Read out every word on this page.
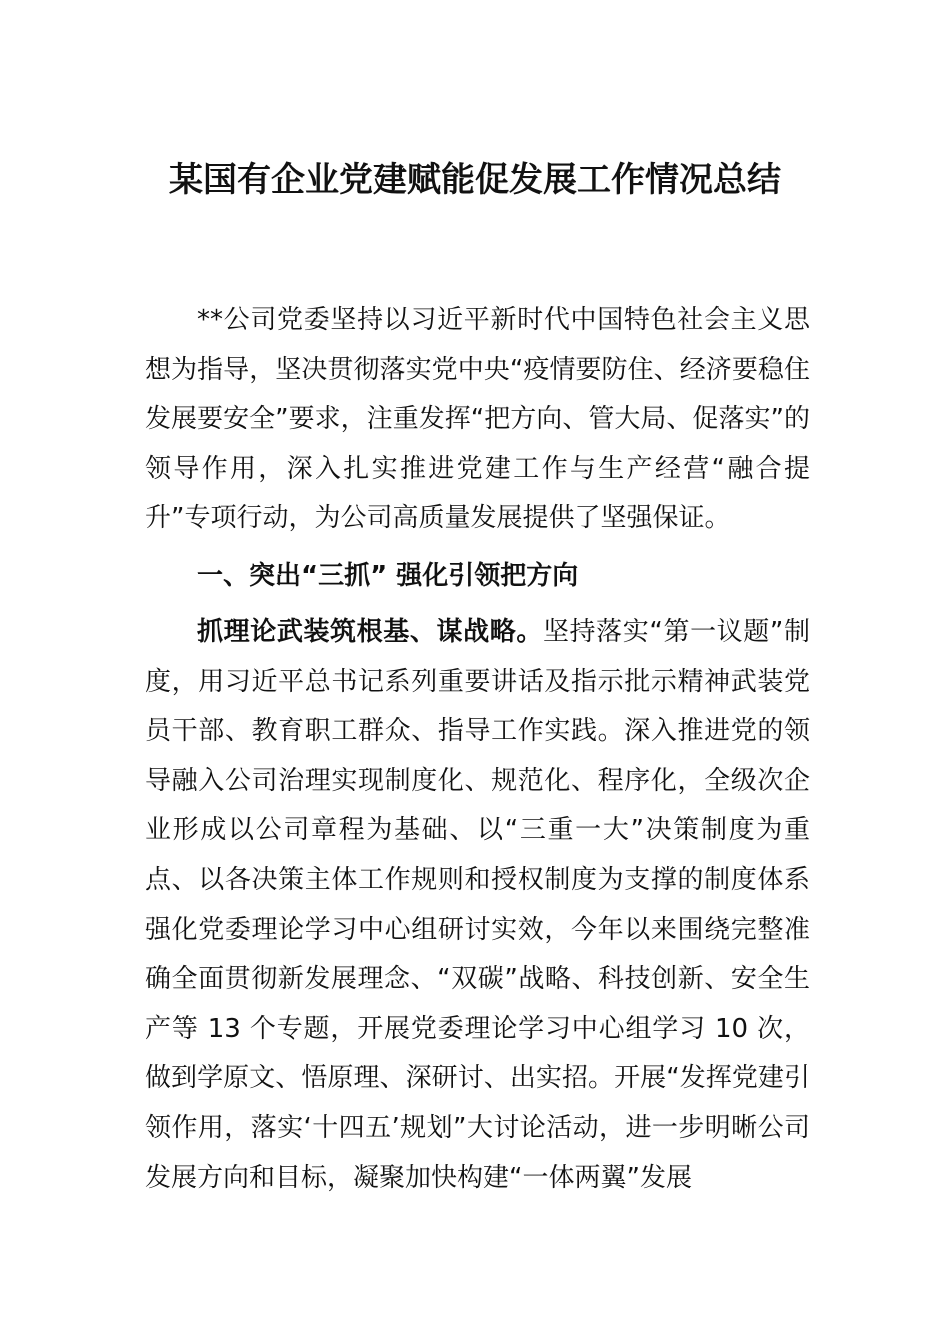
某国有企业党建赋能促发展工作情况总结

**公司党委坚持以习近平新时代中国特色社会主义思想为指导，坚决贯彻落实党中央“疫情要防住、经济要稳住发展要安全”要求，注重发挥“把方向、管大局、促落实”的领导作用，深入扎实推进党建工作与生产经营“融合提升”专项行动，为公司高质量发展提供了坚强保证。

一、突出“三抓” 强化引领把方向

抓理论武装筑根基、谋战略。坚持落实“第一议题”制度，用习近平总书记系列重要讲话及指示批示精神武装党员干部、教育职工群众、指导工作实践。深入推进党的领导融入公司治理实现制度化、规范化、程序化，全级次企业形成以公司章程为基础、以“三重一大”决策制度为重点、以各决策主体工作规则和授权制度为支撑的制度体系强化党委理论学习中心组研讨实效，今年以来围绕完整准确全面贯彻新发展理念、“双碳”战略、科技创新、安全生产等 13 个专题，开展党委理论学习中心组学习 10 次，做到学原文、悟原理、深研讨、出实招。开展“发挥党建引领作用，落实‘十四五’规划”大讨论活动，进一步明晰公司发展方向和目标，凝聚加快构建“一体两翼”发展
